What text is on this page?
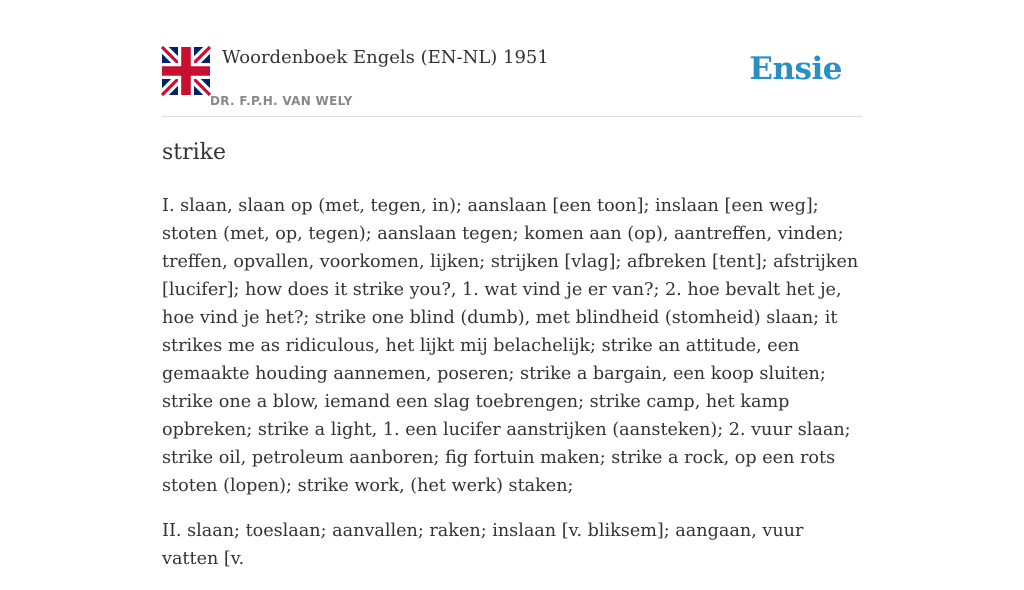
Woordenboek Engels (EN-NL) 1951
DR. F.P.H. VAN WELY
Ensie
strike

I. slaan, slaan op (met, tegen, in); aanslaan [een toon]; inslaan [een weg]; stoten (met, op, tegen); aanslaan tegen; komen aan (op), aantreffen, vinden; treffen, opvallen, voorkomen, lijken; strijken [vlag]; afbreken [tent]; afstrijken [lucifer]; how does it strike you?, 1. wat vind je er van?; 2. hoe bevalt het je, hoe vind je het?; strike one blind (dumb), met blindheid (stomheid) slaan; it strikes me as ridiculous, het lijkt mij belachelijk; strike an attitude, een gemaakte houding aannemen, poseren; strike a bargain, een koop sluiten; strike one a blow, iemand een slag toebrengen; strike camp, het kamp opbreken; strike a light, 1. een lucifer aanstrijken (aansteken); 2. vuur slaan; strike oil, petroleum aanboren; fig fortuin maken; strike a rock, op een rots stoten (lopen); strike work, (het werk) staken;

II. slaan; toeslaan; aanvallen; raken; inslaan [v. bliksem]; aangaan, vuur vatten [v.
